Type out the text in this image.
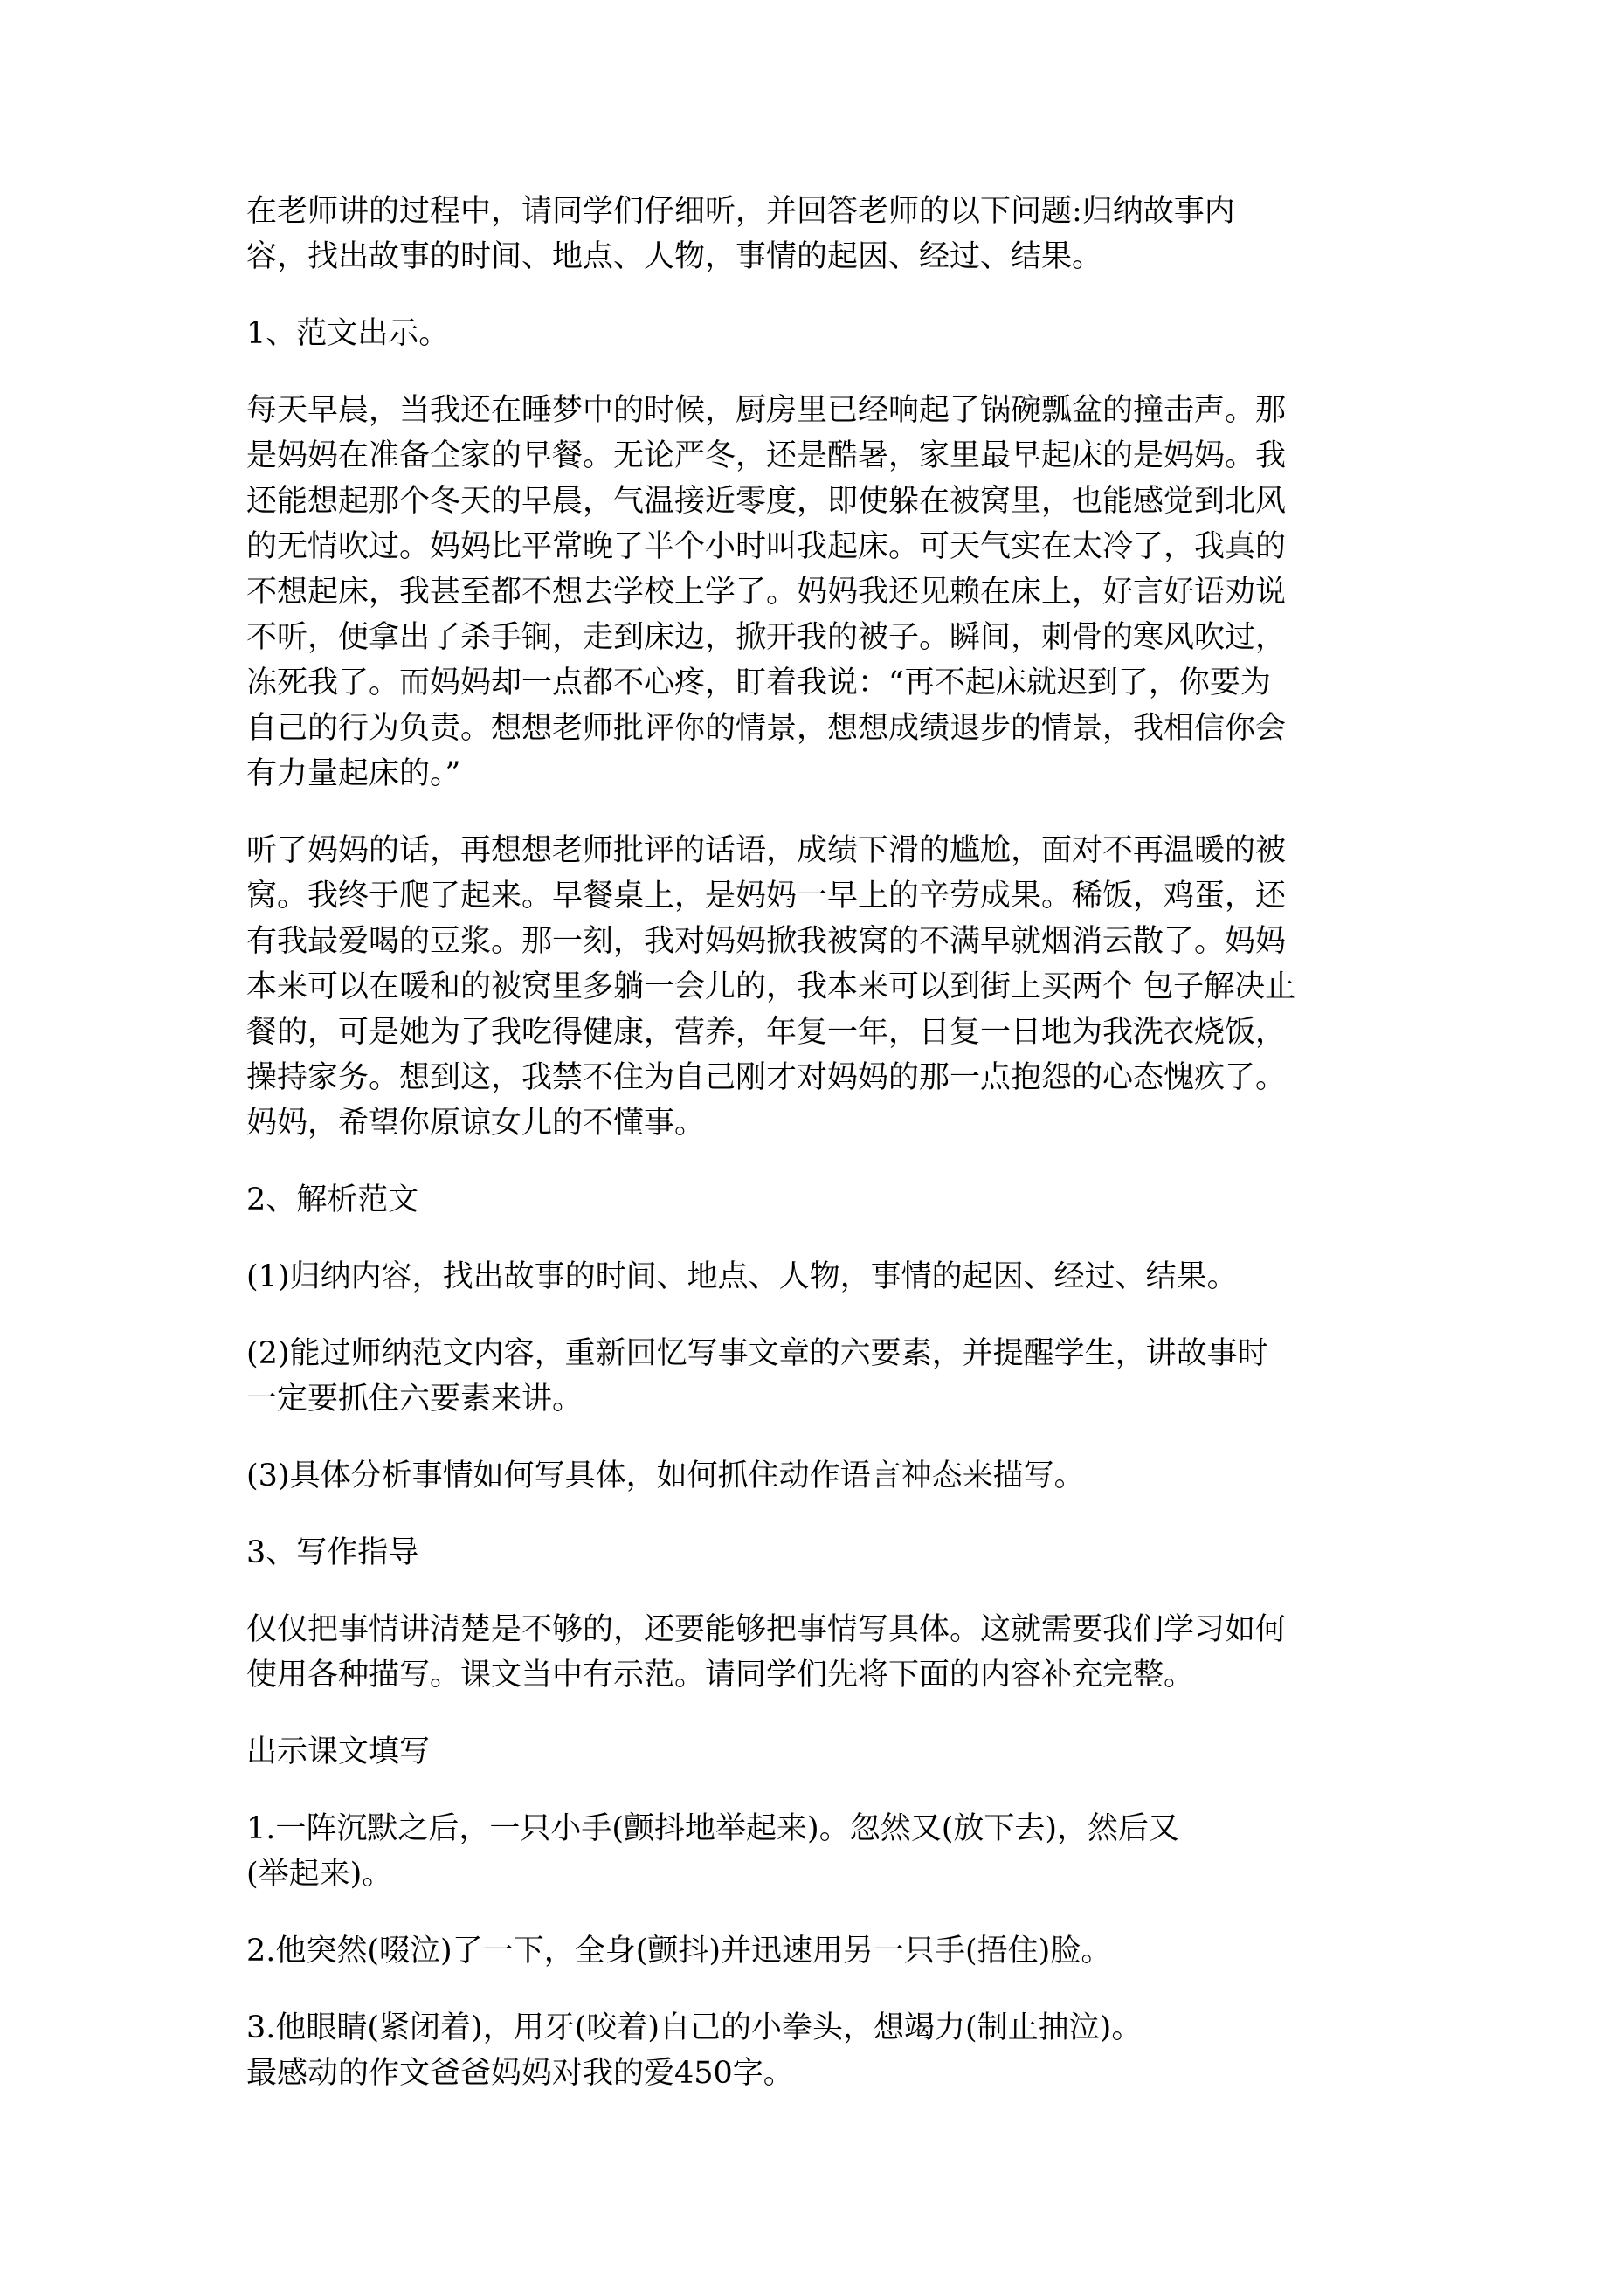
在老师讲的过程中，请同学们仔细听，并回答老师的以下问题:归纳故事内
容，找出故事的时间、地点、人物，事情的起因、经过、结果。
1、范文出示。
每天早晨，当我还在睡梦中的时候，厨房里已经响起了锅碗瓢盆的撞击声。那
是妈妈在准备全家的早餐。无论严冬，还是酷暑，家里最早起床的是妈妈。我
还能想起那个冬天的早晨，气温接近零度，即使躲在被窝里，也能感觉到北风
的无情吹过。妈妈比平常晚了半个小时叫我起床。可天气实在太冷了，我真的
不想起床，我甚至都不想去学校上学了。妈妈我还见赖在床上，好言好语劝说
不听，便拿出了杀手锏，走到床边，掀开我的被子。瞬间，刺骨的寒风吹过，
冻死我了。而妈妈却一点都不心疼，盯着我说：“再不起床就迟到了，你要为
自己的行为负责。想想老师批评你的情景，想想成绩退步的情景，我相信你会
有力量起床的。”
听了妈妈的话，再想想老师批评的话语，成绩下滑的尴尬，面对不再温暖的被
窝。我终于爬了起来。早餐桌上，是妈妈一早上的辛劳成果。稀饭，鸡蛋，还
有我最爱喝的豆浆。那一刻，我对妈妈掀我被窝的不满早就烟消云散了。妈妈
本来可以在暖和的被窝里多躺一会儿的，我本来可以到街上买两个 包子解决止
餐的，可是她为了我吃得健康，营养，年复一年，日复一日地为我洗衣烧饭，
操持家务。想到这，我禁不住为自己刚才对妈妈的那一点抱怨的心态愧疚了。
妈妈，希望你原谅女儿的不懂事。
2、解析范文
(1)归纳内容，找出故事的时间、地点、人物，事情的起因、经过、结果。
(2)能过师纳范文内容，重新回忆写事文章的六要素，并提醒学生，讲故事时
一定要抓住六要素来讲。
(3)具体分析事情如何写具体，如何抓住动作语言神态来描写。
3、写作指导
仅仅把事情讲清楚是不够的，还要能够把事情写具体。这就需要我们学习如何
使用各种描写。课文当中有示范。请同学们先将下面的内容补充完整。
出示课文填写
1.一阵沉默之后，一只小手(颤抖地举起来)。忽然又(放下去)，然后又
(举起来)。
2.他突然(啜泣)了一下，全身(颤抖)并迅速用另一只手(捂住)脸。
3.他眼睛(紧闭着)，用牙(咬着)自己的小拳头，想竭力(制止抽泣)。
最感动的作文爸爸妈妈对我的爱450字。
